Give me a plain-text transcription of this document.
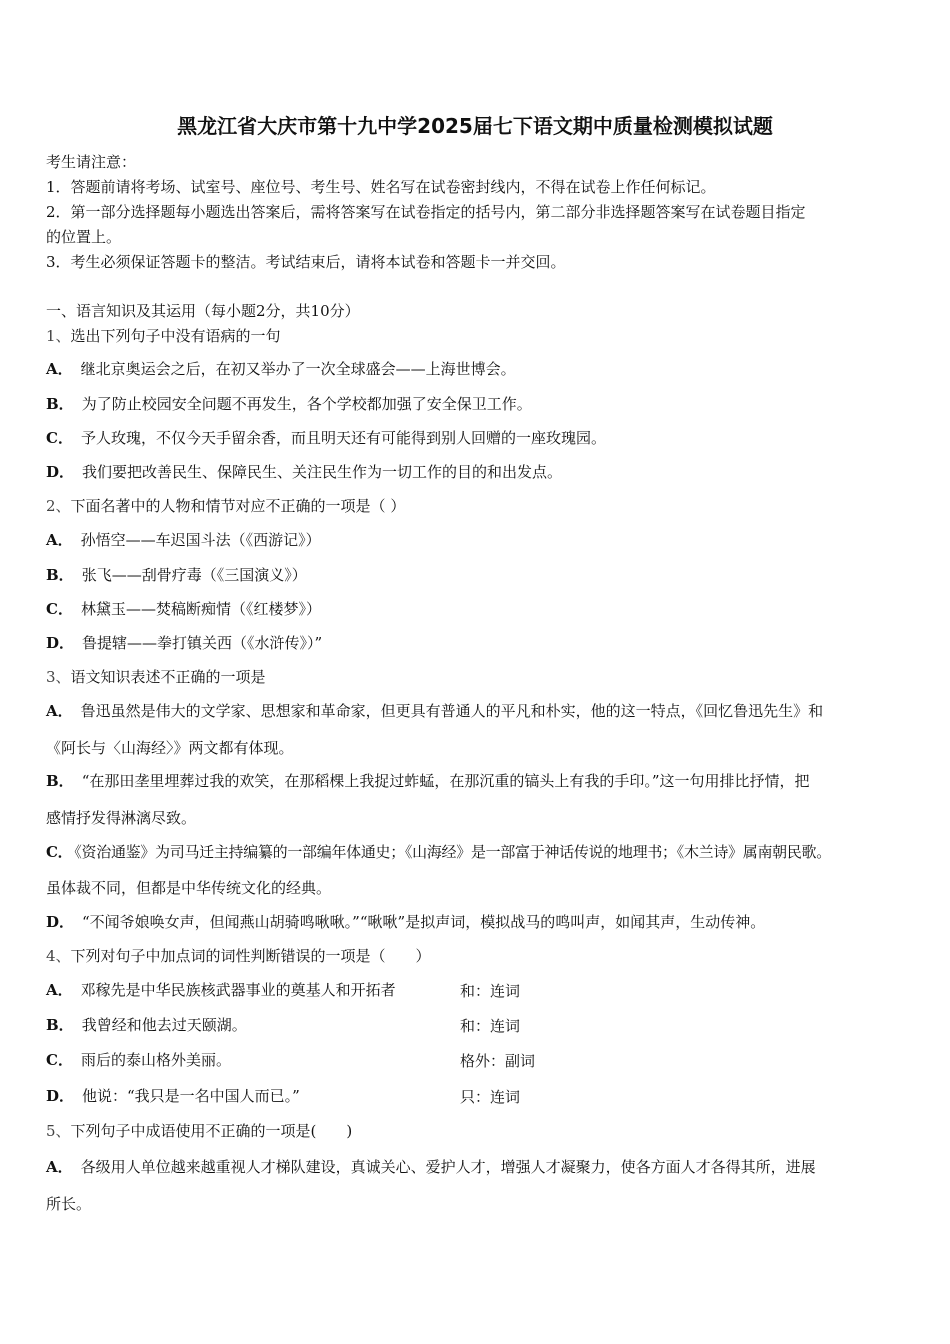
黑龙江省大庆市第十九中学2025届七下语文期中质量检测模拟试题
考生请注意：
1．答题前请将考场、试室号、座位号、考生号、姓名写在试卷密封线内，不得在试卷上作任何标记。
2．第一部分选择题每小题选出答案后，需将答案写在试卷指定的括号内，第二部分非选择题答案写在试卷题目指定
的位置上。
3．考生必须保证答题卡的整洁。考试结束后，请将本试卷和答题卡一并交回。
一、语言知识及其运用（每小题2分，共10分）
1、选出下列句子中没有语病的一句
A． 继北京奥运会之后，在初又举办了一次全球盛会——上海世博会。
B． 为了防止校园安全问题不再发生，各个学校都加强了安全保卫工作。
C． 予人玫瑰，不仅今天手留余香，而且明天还有可能得到别人回赠的一座玫瑰园。
D． 我们要把改善民生、保障民生、关注民生作为一切工作的目的和出发点。
2、下面名著中的人物和情节对应不正确的一项是（ ）
A． 孙悟空——车迟国斗法（《西游记》）
B． 张飞——刮骨疗毒（《三国演义》）
C． 林黛玉——焚稿断痴情（《红楼梦》）
D． 鲁提辖——拳打镇关西（《水浒传》）”
3、语文知识表述不正确的一项是
A． 鲁迅虽然是伟大的文学家、思想家和革命家，但更具有普通人的平凡和朴实，他的这一特点，《回忆鲁迅先生》和
《阿长与〈山海经〉》两文都有体现。
B． “在那田垄里埋葬过我的欢笑，在那稻棵上我捉过蚱蜢，在那沉重的镐头上有我的手印。”这一句用排比抒情，把
感情抒发得淋漓尽致。
C． 《资治通鉴》为司马迁主持编纂的一部编年体通史；《山海经》是一部富于神话传说的地理书；《木兰诗》属南朝民歌。
虽体裁不同，但都是中华传统文化的经典。
D． “不闻爷娘唤女声，但闻燕山胡骑鸣啾啾。”“啾啾”是拟声词，模拟战马的鸣叫声，如闻其声，生动传神。
4、下列对句子中加点词的词性判断错误的一项是（　　）
A． 邓稼先是中华民族核武器事业的奠基人和开拓者	和：连词
B． 我曾经和他去过天颐湖。	和：连词
C． 雨后的泰山格外美丽。	格外：副词
D． 他说：“我只是一名中国人而已。”	只：连词
5、下列句子中成语使用不正确的一项是(　　)
A． 各级用人单位越来越重视人才梯队建设，真诚关心、爱护人才，增强人才凝聚力，使各方面人才各得其所，进展
所长。
